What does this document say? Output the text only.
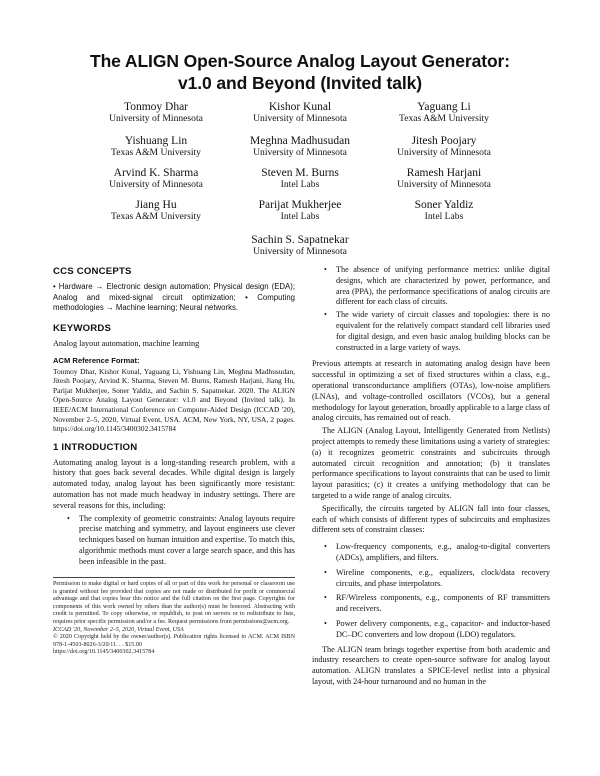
The ALIGN Open-Source Analog Layout Generator:
v1.0 and Beyond (Invited talk)
Tonmoy Dhar
University of Minnesota
Kishor Kunal
University of Minnesota
Yaguang Li
Texas A&M University
Yishuang Lin
Texas A&M University
Meghna Madhusudan
University of Minnesota
Jitesh Poojary
University of Minnesota
Arvind K. Sharma
University of Minnesota
Steven M. Burns
Intel Labs
Ramesh Harjani
University of Minnesota
Jiang Hu
Texas A&M University
Parijat Mukherjee
Intel Labs
Soner Yaldiz
Intel Labs
Sachin S. Sapatnekar
University of Minnesota
CCS CONCEPTS

• Hardware → Electronic design automation; Physical design (EDA); Analog and mixed-signal circuit optimization; • Computing methodologies → Machine learning; Neural networks.

KEYWORDS

Analog layout automation, machine learning

ACM Reference Format:

Tonmoy Dhar, Kishor Kunal, Yaguang Li, Yishuang Lin, Meghna Madhusudan, Jitesh Poojary, Arvind K. Sharma, Steven M. Burns, Ramesh Harjani, Jiang Hu, Parijat Mukherjee, Soner Yaldiz, and Sachin S. Sapatnekar. 2020. The ALIGN Open-Source Analog Layout Generator: v1.0 and Beyond (Invited talk). In IEEE/ACM International Conference on Computer-Aided Design (ICCAD '20), November 2–5, 2020, Virtual Event, USA. ACM, New York, NY, USA, 2 pages. https://doi.org/10.1145/3400302.3415784

1 INTRODUCTION

Automating analog layout is a long-standing research problem, with a history that goes back several decades. While digital design is largely automated today, analog layout has been significantly more resistant: automation has not made much headway in industry settings. There are several reasons for this, including:

• The complexity of geometric constraints: Analog layouts require precise matching and symmetry, and layout engineers use clever techniques based on human intuition and expertise. To match this, algorithmic methods must cover a large search space, and this has been infeasible in the past.

Permission to make digital or hard copies of all or part of this work for personal or classroom use is granted without fee provided that copies are not made or distributed for profit or commercial advantage and that copies bear this notice and the full citation on the first page. Copyrights for components of this work owned by others than the author(s) must be honored. Abstracting with credit is permitted. To copy otherwise, or republish, to post on servers or to redistribute to lists, requires prior specific permission and/or a fee. Request permissions from permissions@acm.org.

ICCAD '20, November 2–5, 2020, Virtual Event, USA

© 2020 Copyright held by the owner/author(s). Publication rights licensed to ACM. ACM ISBN 978-1-4503-8026-3/20/11. . . $15.00

https://doi.org/10.1145/3400302.3415784

• The absence of unifying performance metrics: unlike digital designs, which are characterized by power, performance, and area (PPA), the performance specifications of analog circuits are different for each class of circuits.
• The wide variety of circuit classes and topologies: there is no equivalent for the relatively compact standard cell libraries used for digital design, and even basic analog building blocks can be constructed in a large variety of ways.

Previous attempts at research in automating analog design have been successful in optimizing a set of fixed structures within a class, e.g., operational transconductance amplifiers (OTAs), low-noise amplifiers (LNAs), and voltage-controlled oscillators (VCOs), but a general methodology for layout generation, broadly applicable to a large class of analog circuits, has remained out of reach.

The ALIGN (Analog Layout, Intelligently Generated from Netlists) project attempts to remedy these limitations using a variety of strategies: (a) it recognizes geometric constraints and subcircuits through automated circuit recognition and annotation; (b) it translates performance specifications to layout constraints that can be used to limit layout parasitics; (c) it creates a unifying methodology that can be targeted to a wide range of analog circuits.

Specifically, the circuits targeted by ALIGN fall into four classes, each of which consists of different types of subcircuits and emphasizes different sets of constraint classes:

• Low-frequency components, e.g., analog-to-digital converters (ADCs), amplifiers, and filters.
• Wireline components, e.g., equalizers, clock/data recovery circuits, and phase interpolators.
• RF/Wireless components, e.g., components of RF transmitters and receivers.
• Power delivery components, e.g., capacitor- and inductor-based DC–DC converters and low dropout (LDO) regulators.

The ALIGN team brings together expertise from both academic and industry researchers to create open-source software for analog layout automation. ALIGN translates a SPICE-level netlist into a physical layout, with 24-hour turnaround and no human in the
